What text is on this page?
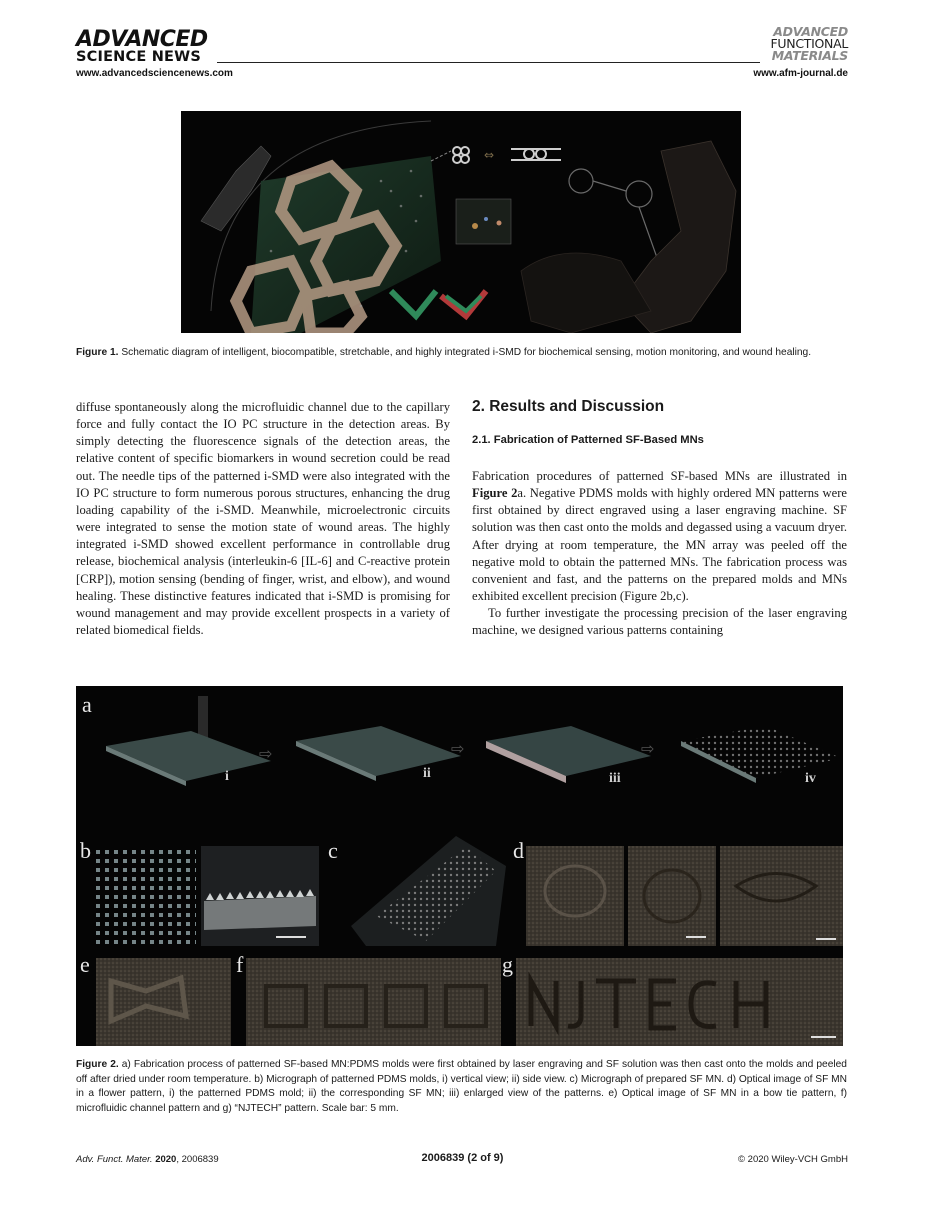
ADVANCED
SCIENCE NEWS
ADVANCED
FUNCTIONAL
MATERIALS
www.advancedsciencenews.com	www.afm-journal.de
⇔
Figure 1. Schematic diagram of intelligent, biocompatible, stretchable, and highly integrated i-SMD for biochemical sensing, motion monitoring, and wound healing.

diffuse spontaneously along the microfluidic channel due to the capillary force and fully contact the IO PC structure in the detection areas. By simply detecting the fluorescence signals of the detection areas, the relative content of specific biomarkers in wound secretion could be read out. The needle tips of the patterned i-SMD were also integrated with the IO PC structure to form numerous porous structures, enhancing the drug loading capability of the i-SMD. Meanwhile, microelectronic circuits were integrated to sense the motion state of wound areas. The highly integrated i-SMD showed excellent performance in controllable drug release, biochemical analysis (interleukin-6 [IL-6] and C-reactive protein [CRP]), motion sensing (bending of finger, wrist, and elbow), and wound healing. These distinctive features indicated that i-SMD is promising for wound management and may provide excellent prospects in a variety of related biomedical fields.

2. Results and Discussion
2.1. Fabrication of Patterned SF-Based MNs

Fabrication procedures of patterned SF-based MNs are illustrated in Figure 2a. Negative PDMS molds with highly ordered MN patterns were first obtained by direct engraved using a laser engraving machine. SF solution was then cast onto the molds and degassed using a vacuum dryer. After drying at room temperature, the MN array was peeled off the negative mold to obtain the patterned MNs. The fabrication process was convenient and fast, and the patterns on the prepared molds and MNs exhibited excellent precision (Figure 2b,c).

To further investigate the processing precision of the laser engraving machine, we designed various patterns containing

⇨	⇨	⇨
a
b	c	d
e	f	g
i	ii	iii	iv
Figure 2. a) Fabrication process of patterned SF-based MN:PDMS molds were first obtained by laser engraving and SF solution was then cast onto the molds and peeled off after dried under room temperature. b) Micrograph of patterned PDMS molds, i) vertical view; ii) side view. c) Micrograph of prepared SF MN. d) Optical image of SF MN in a flower pattern, i) the patterned PDMS mold; ii) the corresponding SF MN; iii) enlarged view of the patterns. e) Optical image of SF MN in a bow tie pattern, f) microfluidic channel pattern and g) “NJTECH” pattern. Scale bar: 5 mm.
Adv. Funct. Mater. 2020, 2006839	2006839 (2 of 9)	© 2020 Wiley-VCH GmbH
